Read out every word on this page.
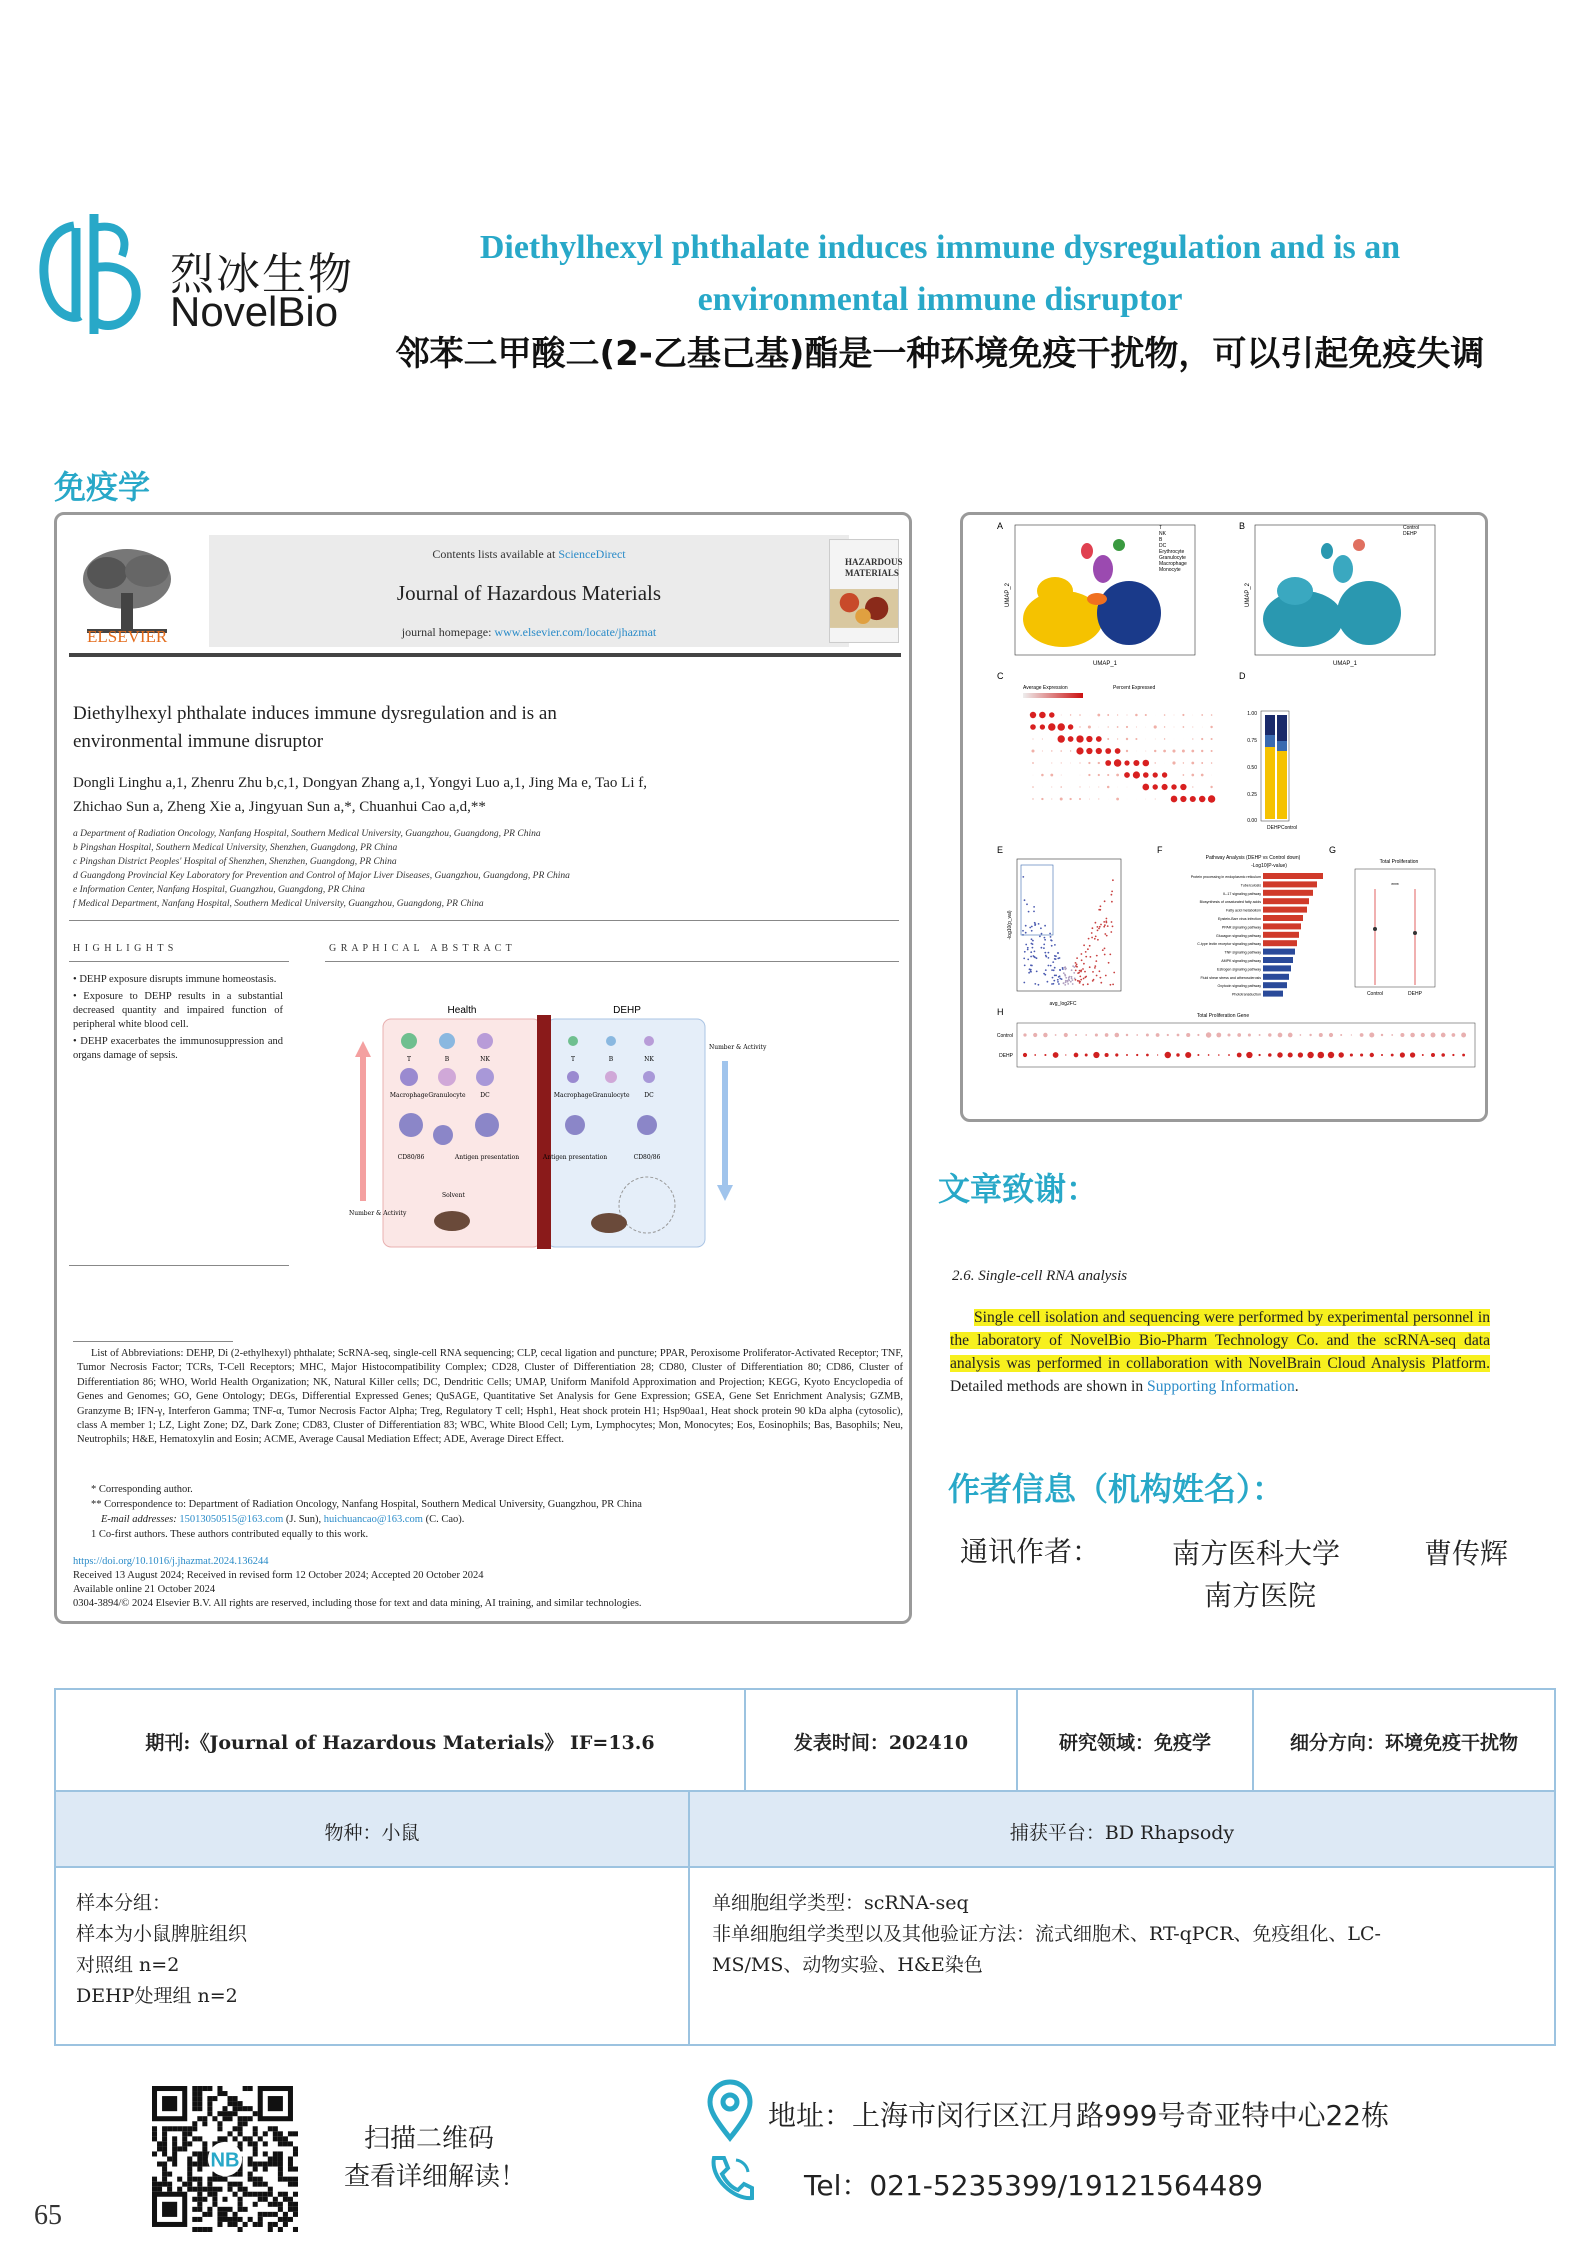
烈冰生物
NovelBio
Diethylhexyl phthalate induces immune dysregulation and is an environmental immune disruptor
邻苯二甲酸二(2-乙基己基)酯是一种环境免疫干扰物，可以引起免疫失调
免疫学
ELSEVIER
Contents lists available at ScienceDirect
Journal of Hazardous Materials
journal homepage: www.elsevier.com/locate/jhazmat
HAZARDOUS MATERIALS
Diethylhexyl phthalate induces immune dysregulation and is an
environmental immune disruptor
Dongli Linghu a,1, Zhenru Zhu b,c,1, Dongyan Zhang a,1, Yongyi Luo a,1, Jing Ma e, Tao Li f,
Zhichao Sun a, Zheng Xie a, Jingyuan Sun a,*, Chuanhui Cao a,d,**
a Department of Radiation Oncology, Nanfang Hospital, Southern Medical University, Guangzhou, Guangdong, PR China
b Pingshan Hospital, Southern Medical University, Shenzhen, Guangdong, PR China
c Pingshan District Peoples' Hospital of Shenzhen, Shenzhen, Guangdong, PR China
d Guangdong Provincial Key Laboratory for Prevention and Control of Major Liver Diseases, Guangzhou, Guangdong, PR China
e Information Center, Nanfang Hospital, Guangzhou, Guangdong, PR China
f Medical Department, Nanfang Hospital, Southern Medical University, Guangzhou, Guangdong, PR China
H I G H L I G H T S	G R A P H I C A L   A B S T R A C T
• DEHP exposure disrupts immune homeostasis.
• Exposure to DEHP results in a substantial decreased quantity and impaired function of peripheral white blood cell.
• DEHP exacerbates the immunosuppression and organs damage of sepsis.
Health	DEHP
T	B	NK
Macrophage Granulocyte DC
CD80/86	Antigen presentation
Solvent
T	B	NK
Macrophage Granulocyte DC
Antigen presentation	CD80/86
Number & Activity
Number & Activity
List of Abbreviations: DEHP, Di (2-ethylhexyl) phthalate; ScRNA-seq, single-cell RNA sequencing; CLP, cecal ligation and puncture; PPAR, Peroxisome Proliferator-Activated Receptor; TNF, Tumor Necrosis Factor; TCRs, T-Cell Receptors; MHC, Major Histocompatibility Complex; CD28, Cluster of Differentiation 28; CD80, Cluster of Differentiation 80; CD86, Cluster of Differentiation 86; WHO, World Health Organization; NK, Natural Killer cells; DC, Dendritic Cells; UMAP, Uniform Manifold Approximation and Projection; KEGG, Kyoto Encyclopedia of Genes and Genomes; GO, Gene Ontology; DEGs, Differential Expressed Genes; QuSAGE, Quantitative Set Analysis for Gene Expression; GSEA, Gene Set Enrichment Analysis; GZMB, Granzyme B; IFN-γ, Interferon Gamma; TNF-α, Tumor Necrosis Factor Alpha; Treg, Regulatory T cell; Hsph1, Heat shock protein H1; Hsp90aa1, Heat shock protein 90 kDa alpha (cytosolic), class A member 1; LZ, Light Zone; DZ, Dark Zone; CD83, Cluster of Differentiation 83; WBC, White Blood Cell; Lym, Lymphocytes; Mon, Monocytes; Eos, Eosinophils; Bas, Basophils; Neu, Neutrophils; H&E, Hematoxylin and Eosin; ACME, Average Causal Mediation Effect; ADE, Average Direct Effect.
* Corresponding author.
** Correspondence to: Department of Radiation Oncology, Nanfang Hospital, Southern Medical University, Guangzhou, PR China
E-mail addresses: 15013050515@163.com (J. Sun), huichuancao@163.com (C. Cao).
1 Co-first authors. These authors contributed equally to this work.
https://doi.org/10.1016/j.jhazmat.2024.136244
Received 13 August 2024; Received in revised form 12 October 2024; Accepted 20 October 2024
Available online 21 October 2024
0304-3894/© 2024 Elsevier B.V. All rights are reserved, including those for text and data mining, AI training, and similar technologies.
A	B
C	D
E	F	G
H
UMAP_1
UMAP_2
T
NK
B
DC
Erythrocyte
Granulocyte
Macrophage
Monocyte
UMAP_1
UMAP_2
Control
DEHP
Average Expression	Percent Expressed
1.00
0.75
0.50
0.25
0.00
DEHP Control
avg_log2FC
-log10(p_val)
Pathway Analysis (DEHP vs Control down)
-Log10(P-value)
Protein processing in endoplasmic reticulum
Tuberculosis
IL-17 signaling pathway
Biosynthesis of unsaturated fatty acids
Fatty acid metabolism
Epstein-Barr virus infection
PPAR signaling pathway
Glucagon signaling pathway
C-type lectin receptor signaling pathway
TNF signaling pathway
AMPK signaling pathway
Estrogen signaling pathway
Fluid shear stress and atherosclerosis
Oxytocin signaling pathway
Phototransduction
Total Proliferation
****
Control	DEHP
Total Proliferation Gene
Control
DEHP
文章致谢：
2.6. Single-cell RNA analysis
Single cell isolation and sequencing were performed by experimental personnel in the laboratory of NovelBio Bio-Pharm Technology Co. and the scRNA-seq data analysis was performed in collaboration with NovelBrain Cloud Analysis Platform. Detailed methods are shown in Supporting Information.
作者信息（机构姓名）：
通讯作者：	南方医科大学
南方医院
曹传辉
期刊:《Journal of Hazardous Materials》 IF=13.6	发表时间：202410	研究领域：免疫学	细分方向：环境免疫干扰物
物种：小鼠	捕获平台：BD Rhapsody
样本分组：
样本为小鼠脾脏组织
对照组 n=2
DEHP处理组 n=2
单细胞组学类型：scRNA-seq
非单细胞组学类型以及其他验证方法：流式细胞术、RT-qPCR、免疫组化、LC-
MS/MS、动物实验、H&E染色
NB
扫描二维码
查看详细解读！
地址：上海市闵行区江月路999号奇亚特中心22栋
Tel：021-5235399/19121564489
65
